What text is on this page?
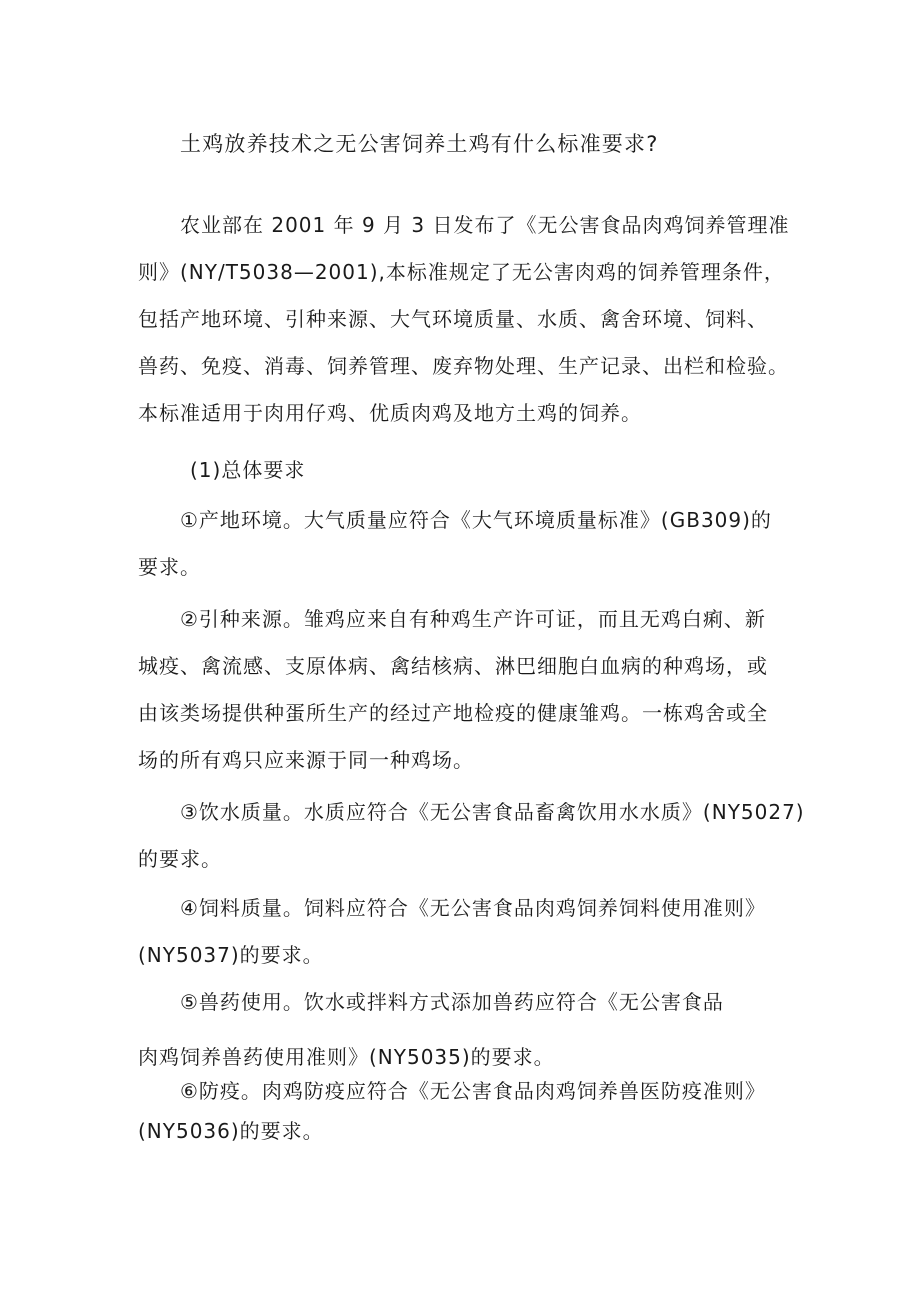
土鸡放养技术之无公害饲养土鸡有什么标准要求?
农业部在 2001 年 9 月 3 日发布了《无公害食品肉鸡饲养管理准
则》(NY/T5038—2001),本标准规定了无公害肉鸡的饲养管理条件，
包括产地环境、引种来源、大气环境质量、水质、禽舍环境、饲料、
兽药、免疫、消毒、饲养管理、废弃物处理、生产记录、出栏和检验。
本标准适用于肉用仔鸡、优质肉鸡及地方土鸡的饲养。
(1)总体要求
①产地环境。大气质量应符合《大气环境质量标准》(GB309)的
要求。
②引种来源。雏鸡应来自有种鸡生产许可证，而且无鸡白痢、新
城疫、禽流感、支原体病、禽结核病、淋巴细胞白血病的种鸡场，或
由该类场提供种蛋所生产的经过产地检疫的健康雏鸡。一栋鸡舍或全
场的所有鸡只应来源于同一种鸡场。
③饮水质量。水质应符合《无公害食品畜禽饮用水水质》(NY5027)
的要求。
④饲料质量。饲料应符合《无公害食品肉鸡饲养饲料使用准则》
(NY5037)的要求。
⑤兽药使用。饮水或拌料方式添加兽药应符合《无公害食品
肉鸡饲养兽药使用准则》(NY5035)的要求。
⑥防疫。肉鸡防疫应符合《无公害食品肉鸡饲养兽医防疫准则》
(NY5036)的要求。
